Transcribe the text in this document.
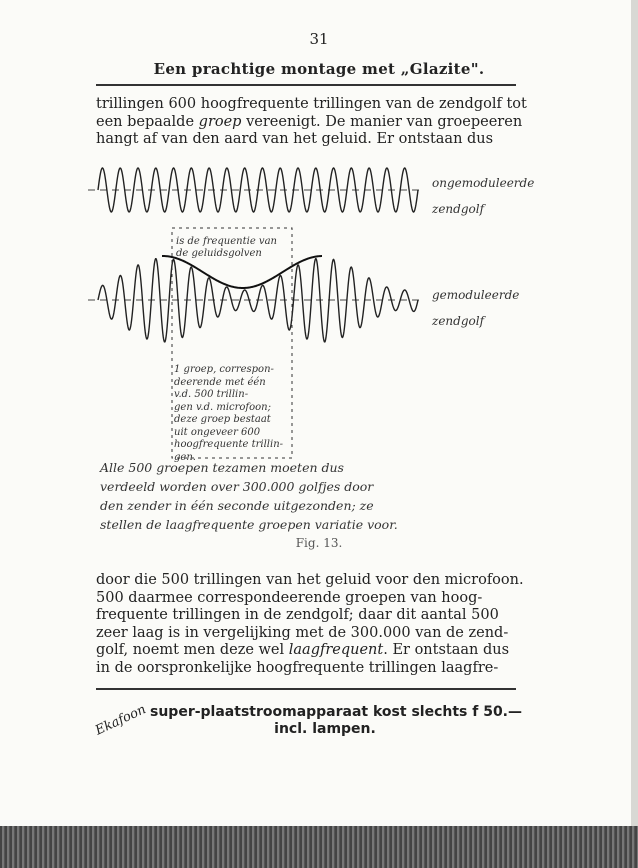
31
Een prachtige montage met „Glazite".
trillingen 600 hoogfrequente trillingen van de zendgolf tot
een bepaalde groep vereenigt. De manier van groepeeren
hangt af van den aard van het geluid. Er ontstaan dus
ongemoduleerde
zendgolf
gemoduleerde
zendgolf
is de frequentie van
de geluidsgolven
1 groep, correspon-
deerende met één
v.d. 500 trillin-
gen v.d. microfoon;
deze groep bestaat
uit ongeveer 600
hoogfrequente trillin-
gen.
Alle 500 groepen tezamen moeten dus
verdeeld worden over 300.000 golfjes door
den zender in één seconde uitgezonden; ze
stellen de laagfrequente groepen variatie voor.
Fig. 13.
door die 500 trillingen van het geluid voor den microfoon.
500 daarmee correspondeerende groepen van hoog-
frequente trillingen in de zendgolf; daar dit aantal 500
zeer laag is in vergelijking met de 300.000 van de zend-
golf, noemt men deze wel laagfrequent. Er ontstaan dus
in de oorspronkelijke hoogfrequente trillingen laagfre-
Ekafoon super-plaatstroomapparaat kost slechts f 50.—
incl. lampen.
